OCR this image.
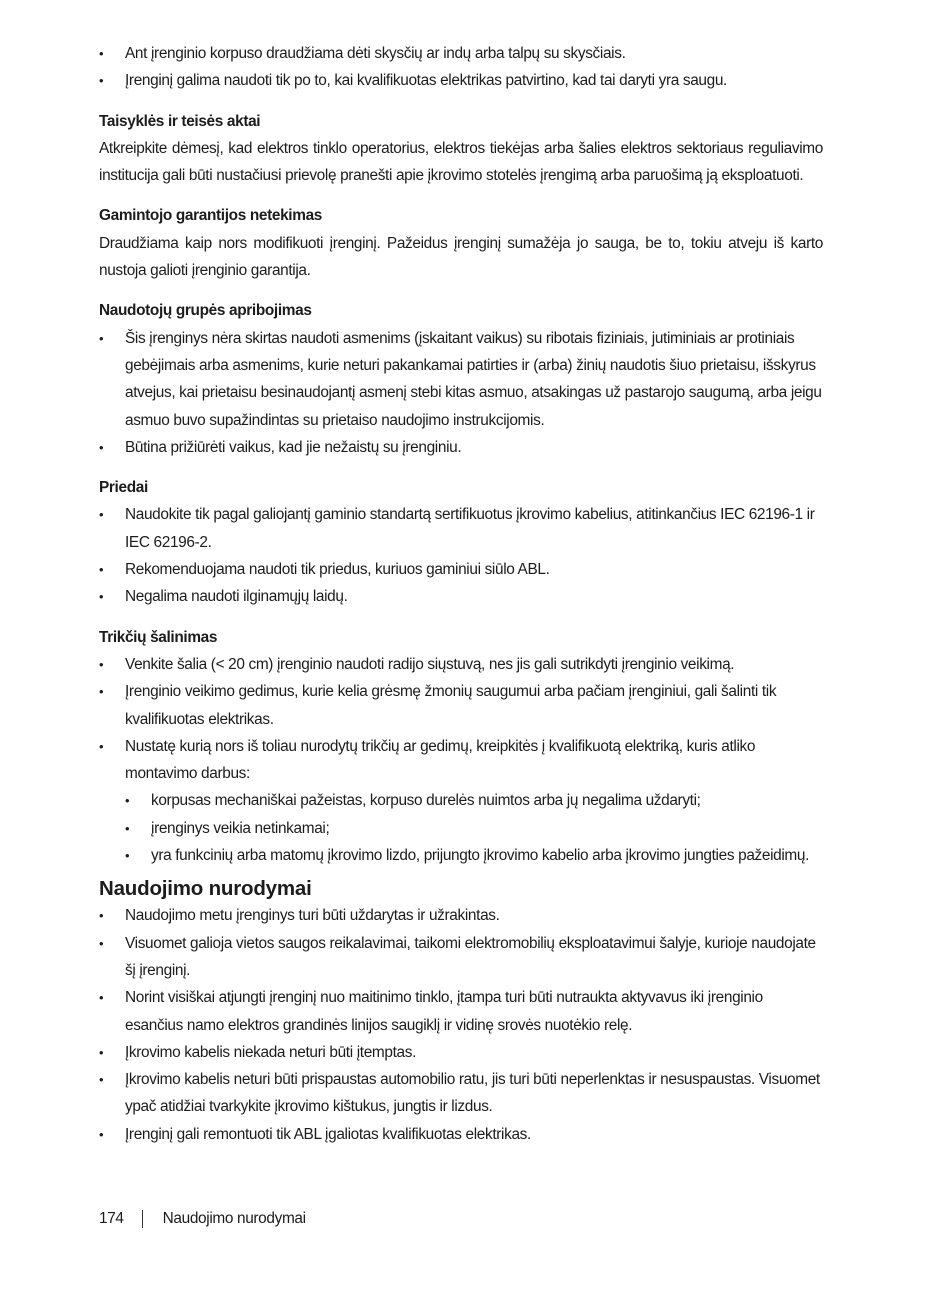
• Ant įrenginio korpuso draudžiama dėti skysčių ar indų arba talpų su skysčiais.
• Įrenginį galima naudoti tik po to, kai kvalifikuotas elektrikas patvirtino, kad tai daryti yra saugu.
Taisyklės ir teisės aktai
Atkreipkite dėmesį, kad elektros tinklo operatorius, elektros tiekėjas arba šalies elektros sektoriaus reguliavimo institucija gali būti nustačiusi prievolę pranešti apie įkrovimo stotelės įrengimą arba paruošimą ją eksploatuoti.
Gamintojo garantijos netekimas
Draudžiama kaip nors modifikuoti įrenginį. Pažeidus įrenginį sumažėja jo sauga, be to, tokiu atveju iš karto nustoja galioti įrenginio garantija.
Naudotojų grupės apribojimas
• Šis įrenginys nėra skirtas naudoti asmenims (įskaitant vaikus) su ribotais fiziniais, jutiminiais ar protiniais gebėjimais arba asmenims, kurie neturi pakankamai patirties ir (arba) žinių naudotis šiuo prietaisu, išskyrus atvejus, kai prietaisu besinaudojantį asmenį stebi kitas asmuo, atsakingas už pastarojo saugumą, arba jeigu asmuo buvo supažindintas su prietaiso naudojimo instrukcijomis.
• Būtina prižiūrėti vaikus, kad jie nežaistų su įrenginiu.
Priedai
• Naudokite tik pagal galiojantį gaminio standartą sertifikuotus įkrovimo kabelius, atitinkančius IEC 62196-1 ir IEC 62196-2.
• Rekomenduojama naudoti tik priedus, kuriuos gaminiui siūlo ABL.
• Negalima naudoti ilginamųjų laidų.
Trikčių šalinimas
• Venkite šalia (< 20 cm) įrenginio naudoti radijo siųstuvą, nes jis gali sutrikdyti įrenginio veikimą.
• Įrenginio veikimo gedimus, kurie kelia grėsmę žmonių saugumui arba pačiam įrenginiui, gali šalinti tik kvalifikuotas elektrikas.
• Nustatę kurią nors iš toliau nurodytų trikčių ar gedimų, kreipkitės į kvalifikuotą elektriką, kuris atliko montavimo darbus:
• korpusas mechaniškai pažeistas, korpuso durelės nuimtos arba jų negalima uždaryti;
• įrenginys veikia netinkamai;
• yra funkcinių arba matomų įkrovimo lizdo, prijungto įkrovimo kabelio arba įkrovimo jungties pažeidimų.
Naudojimo nurodymai
• Naudojimo metu įrenginys turi būti uždarytas ir užrakintas.
• Visuomet galioja vietos saugos reikalavimai, taikomi elektromobilių eksploatavimui šalyje, kurioje naudojate šį įrenginį.
• Norint visiškai atjungti įrenginį nuo maitinimo tinklo, įtampa turi būti nutraukta aktyvavus iki įrenginio esančius namo elektros grandinės linijos saugiklį ir vidinę srovės nuotėkio relę.
• Įkrovimo kabelis niekada neturi būti įtemptas.
• Įkrovimo kabelis neturi būti prispaustas automobilio ratu, jis turi būti neperlenktas ir nesuspaustas. Visuomet ypač atidžiai tvarkykite įkrovimo kištukus, jungtis ir lizdus.
• Įrenginį gali remontuoti tik ABL įgaliotas kvalifikuotas elektrikas.
174	Naudojimo nurodymai
